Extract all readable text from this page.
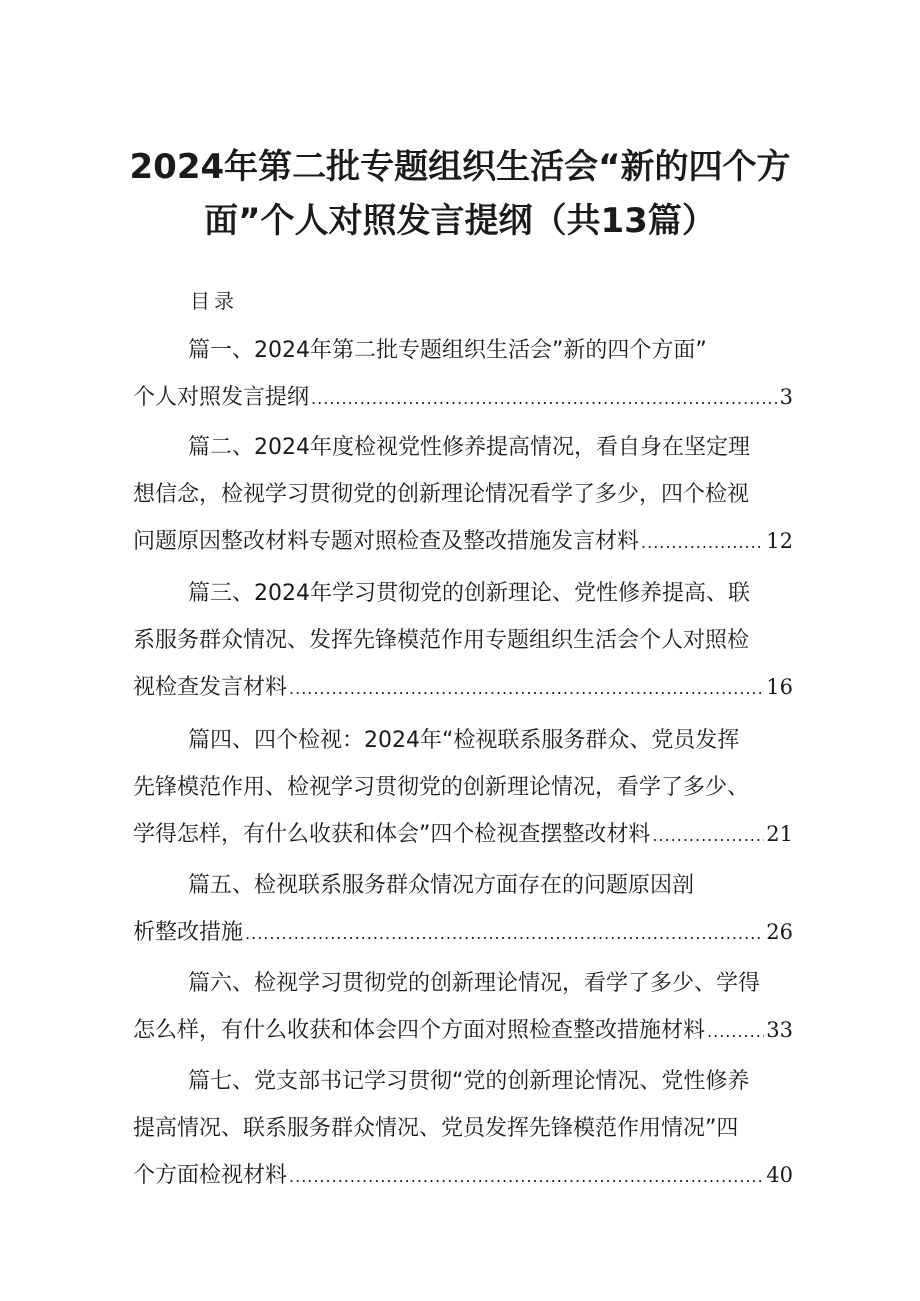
2024年第二批专题组织生活会“新的四个方
面”个人对照发言提纲（共13篇）
目录
篇一、2024年第二批专题组织生活会”新的四个方面”
个人对照发言提纲 .....	3
篇二、2024年度检视党性修养提高情况，看自身在坚定理
想信念，检视学习贯彻党的创新理论情况看学了多少，四个检视
问题原因整改材料专题对照检查及整改措施发言材料 .....	12
篇三、2024年学习贯彻党的创新理论、党性修养提高、联
系服务群众情况、发挥先锋模范作用专题组织生活会个人对照检
视检查发言材料 .....	16
篇四、四个检视：2024年“检视联系服务群众、党员发挥
先锋模范作用、检视学习贯彻党的创新理论情况，看学了多少、
学得怎样，有什么收获和体会”四个检视查摆整改材料 .....	21
篇五、检视联系服务群众情况方面存在的问题原因剖
析整改措施 .....	26
篇六、检视学习贯彻党的创新理论情况，看学了多少、学得
怎么样，有什么收获和体会四个方面对照检查整改措施材料 .....	33
篇七、党支部书记学习贯彻“党的创新理论情况、党性修养
提高情况、联系服务群众情况、党员发挥先锋模范作用情况”四
个方面检视材料 .....	40
